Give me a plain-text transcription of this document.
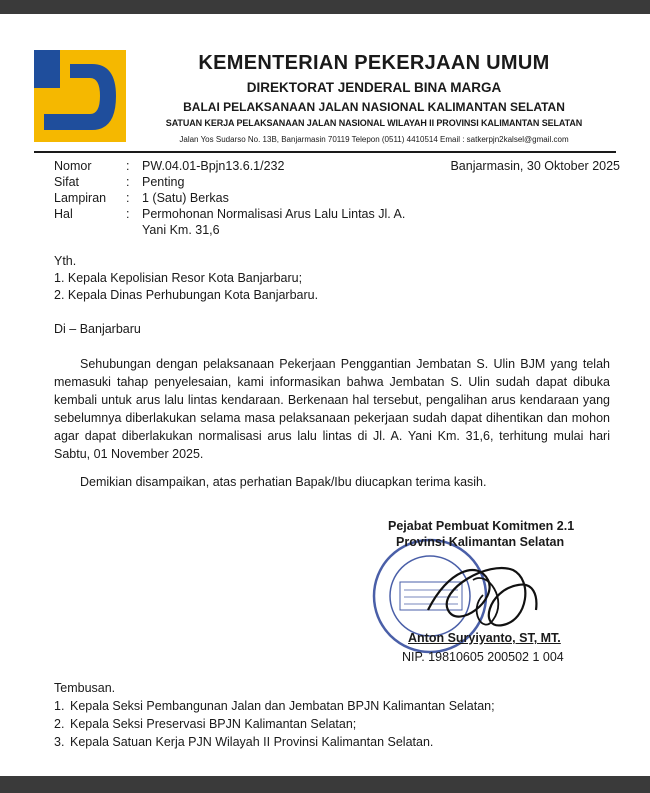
KEMENTERIAN PEKERJAAN UMUM
DIREKTORAT JENDERAL BINA MARGA
BALAI PELAKSANAAN JALAN NASIONAL KALIMANTAN SELATAN
SATUAN KERJA PELAKSANAAN JALAN NASIONAL WILAYAH II PROVINSI KALIMANTAN SELATAN
Jalan Yos Sudarso No. 13B, Banjarmasin 70119 Telepon (0511) 4410514 Email : satkerpjn2kalsel@gmail.com
Nomor	:	PW.04.01-Bpjn13.6.1/232
Sifat	:	Penting
Lampiran	:	1 (Satu) Berkas
Hal	:	Permohonan Normalisasi Arus Lalu Lintas Jl. A. Yani Km. 31,6
Banjarmasin, 30 Oktober 2025
Yth.
1. Kepala Kepolisian Resor Kota Banjarbaru;
2. Kepala Dinas Perhubungan Kota Banjarbaru.
Di – Banjarbaru
Sehubungan dengan pelaksanaan Pekerjaan Penggantian Jembatan S. Ulin BJM yang telah memasuki tahap penyelesaian, kami informasikan bahwa Jembatan S. Ulin sudah dapat dibuka kembali untuk arus lalu lintas kendaraan. Berkenaan hal tersebut, pengalihan arus kendaraan yang sebelumnya diberlakukan selama masa pelaksanaan pekerjaan sudah dapat dihentikan dan mohon agar dapat diberlakukan normalisasi arus lalu lintas di Jl. A. Yani Km. 31,6, terhitung mulai hari Sabtu, 01 November 2025.
Demikian disampaikan, atas perhatian Bapak/Ibu diucapkan terima kasih.
Pejabat Pembuat Komitmen 2.1
Provinsi Kalimantan Selatan
Anton Suryiyanto, ST, MT.
NIP. 19810605 200502 1 004
Tembusan.
1. Kepala Seksi Pembangunan Jalan dan Jembatan BPJN Kalimantan Selatan;
2. Kepala Seksi Preservasi BPJN Kalimantan Selatan;
3. Kepala Satuan Kerja PJN Wilayah II Provinsi Kalimantan Selatan.
